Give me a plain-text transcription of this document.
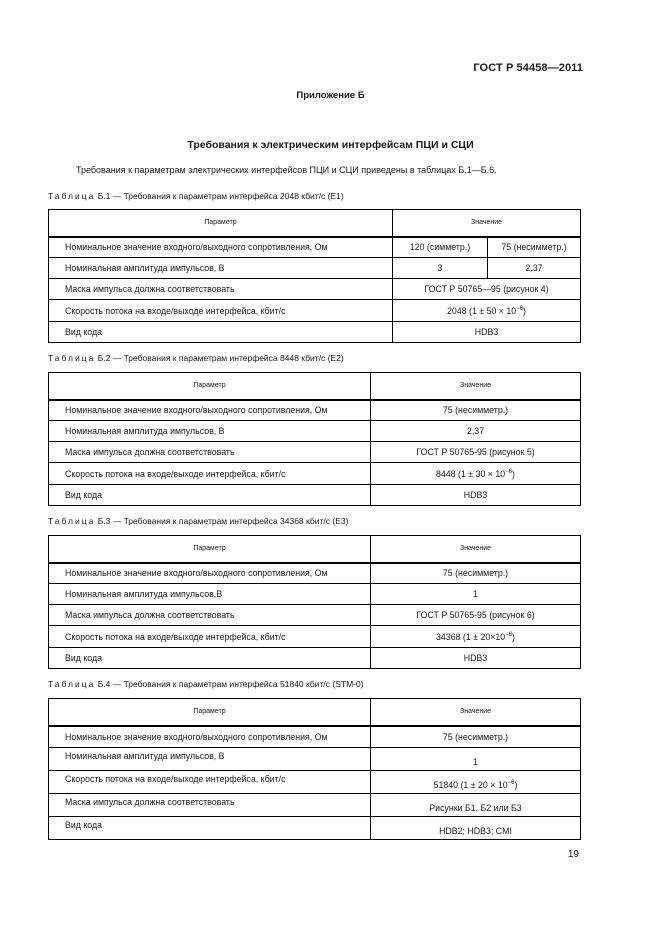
ГОСТ Р 54458—2011
Приложение Б
Требования к электрическим интерфейсам ПЦИ и СЦИ
Требования к параметрам электрических интерфейсов ПЦИ и СЦИ приведены в таблицах Б.1—Б.6.
Таблица Б.1 — Требования к параметрам интерфейса 2048 кбит/с (Е1)
Параметр	Значение	
Номинальное значение входного/выходного сопротивления, Ом	120 (симметр.)	75 (несимметр.)
Номинальная амплитуда импульсов, В	3	2,37
Маска импульса должна соответствовать	ГОСТ Р 50765—95 (рисунок 4)	
Скорость потока на входе/выходе интерфейса, кбит/с	2048 $(1 \pm 50 \times 10^{-6})$	
Вид кода	HDB3	
Таблица Б.2 — Требования к параметрам интерфейса 8448 кбит/с (Е2)
Параметр	Значение
Номинальное значение входного/выходного сопротивления, Ом	75 (несимметр.)
Номинальная амплитуда импульсов, В	2,37
Маска импульса должна соответствовать	ГОСТ Р 50765-95 (рисунок 5)
Скорость потока на входе/выходе интерфейса, кбит/с	8448 $(1 \pm 30 \times 10^{-6})$
Вид кода	HDB3
Таблица Б.3 — Требования к параметрам интерфейса 34368 кбит/с (Е3)
Параметр	Значение
Номинальное значение входного/выходного сопротивления, Ом	75 (несимметр.)
Номинальная амплитуда импульсов,В	1
Маска импульса должна соответствовать	ГОСТ Р 50765-95 (рисунок 6)
Скорость потока на входе/выходе интерфейса, кбит/с	34368 $(1 \pm 20\times 10^{-6})$
Вид кода	HDB3
Таблица Б.4 — Требования к параметрам интерфейса 51840 кбит/с (STM-0)
Параметр	Значение
Номинальное значение входного/выходного сопротивления, Ом	75 (несимметр.)
Номинальная амплитуда импульсов, В	1
Скорость потока на входе/выходе интерфейса, кбит/с	51840 $(1 \pm 20 \times 10^{-6})$
Маска импульса должна соответствовать	Рисунки Б1, Б2 или Б3
Вид кода	HDB2; HDB3; CMI
19
